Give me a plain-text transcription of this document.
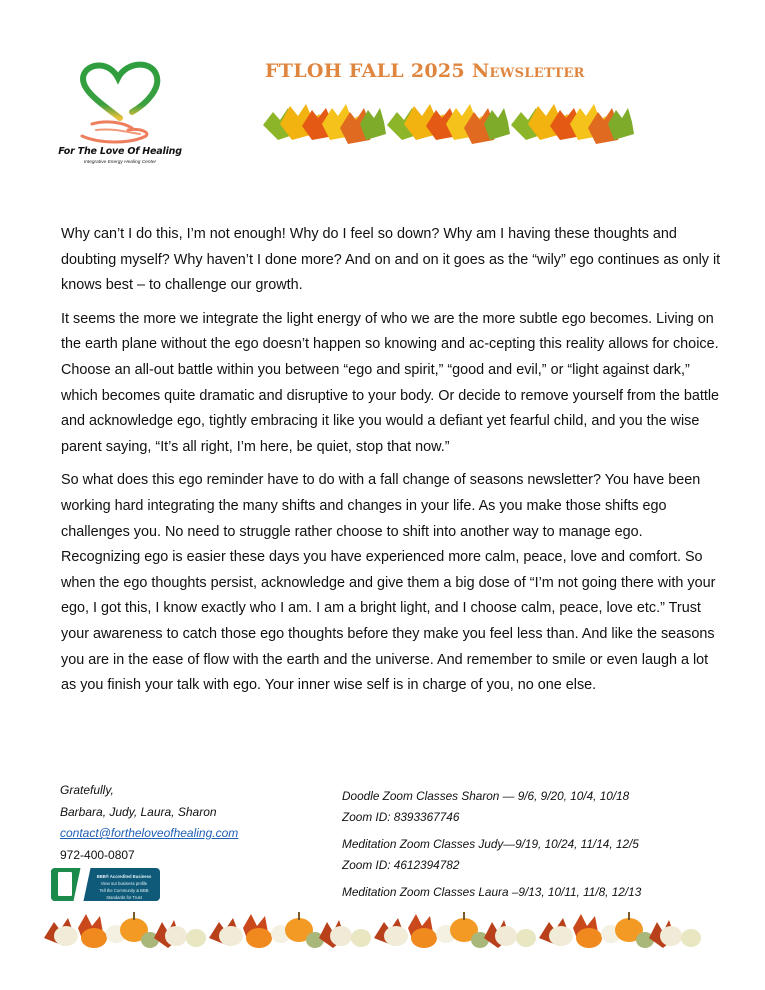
For The Love Of Healing
Integrative Energy Healing Center
FTLOH FALL 2025 Newsletter

Why can’t I do this, I’m not enough! Why do I feel so down? Why am I having these thoughts and doubting myself? Why haven’t I done more? And on and on it goes as the “wily” ego continues as only it knows best – to challenge our growth.

It seems the more we integrate the light energy of who we are the more subtle ego becomes. Living on the earth plane without the ego doesn’t happen so knowing and ac-cepting this reality allows for choice. Choose an all-out battle within you between “ego and spirit,” “good and evil,” or “light against dark,” which becomes quite dramatic and disruptive to your body. Or decide to remove yourself from the battle and acknowledge ego, tightly embracing it like you would a defiant yet fearful child, and you the wise parent saying, “It’s all right, I’m here, be quiet, stop that now.”

So what does this ego reminder have to do with a fall change of seasons newsletter? You have been working hard integrating the many shifts and changes in your life. As you make those shifts ego challenges you. No need to struggle rather choose to shift into another way to manage ego. Recognizing ego is easier these days you have experienced more calm, peace, love and comfort. So when the ego thoughts persist, acknowledge and give them a big dose of “I’m not going there with your ego, I got this, I know exactly who I am. I am a bright light, and I choose calm, peace, love etc.” Trust your awareness to catch those ego thoughts before they make you feel less than. And like the seasons you are in the ease of flow with the earth and the universe. And remember to smile or even laugh a lot as you finish your talk with ego. Your inner wise self is in charge of you, no one else.

Gratefully,
Barbara, Judy, Laura, Sharon
contact@fortheloveofhealing.com
972-400-0807
BBB® Accredited Business
View our business profile
Tell the Community & BBB Standards for Trust
Doodle Zoom Classes Sharon — 9/6, 9/20, 10/4, 10/18
Zoom ID: 8393367746
Meditation Zoom Classes Judy—9/19, 10/24, 11/14, 12/5
Zoom ID: 4612394782
Meditation Zoom Classes Laura –9/13, 10/11, 11/8, 12/13
